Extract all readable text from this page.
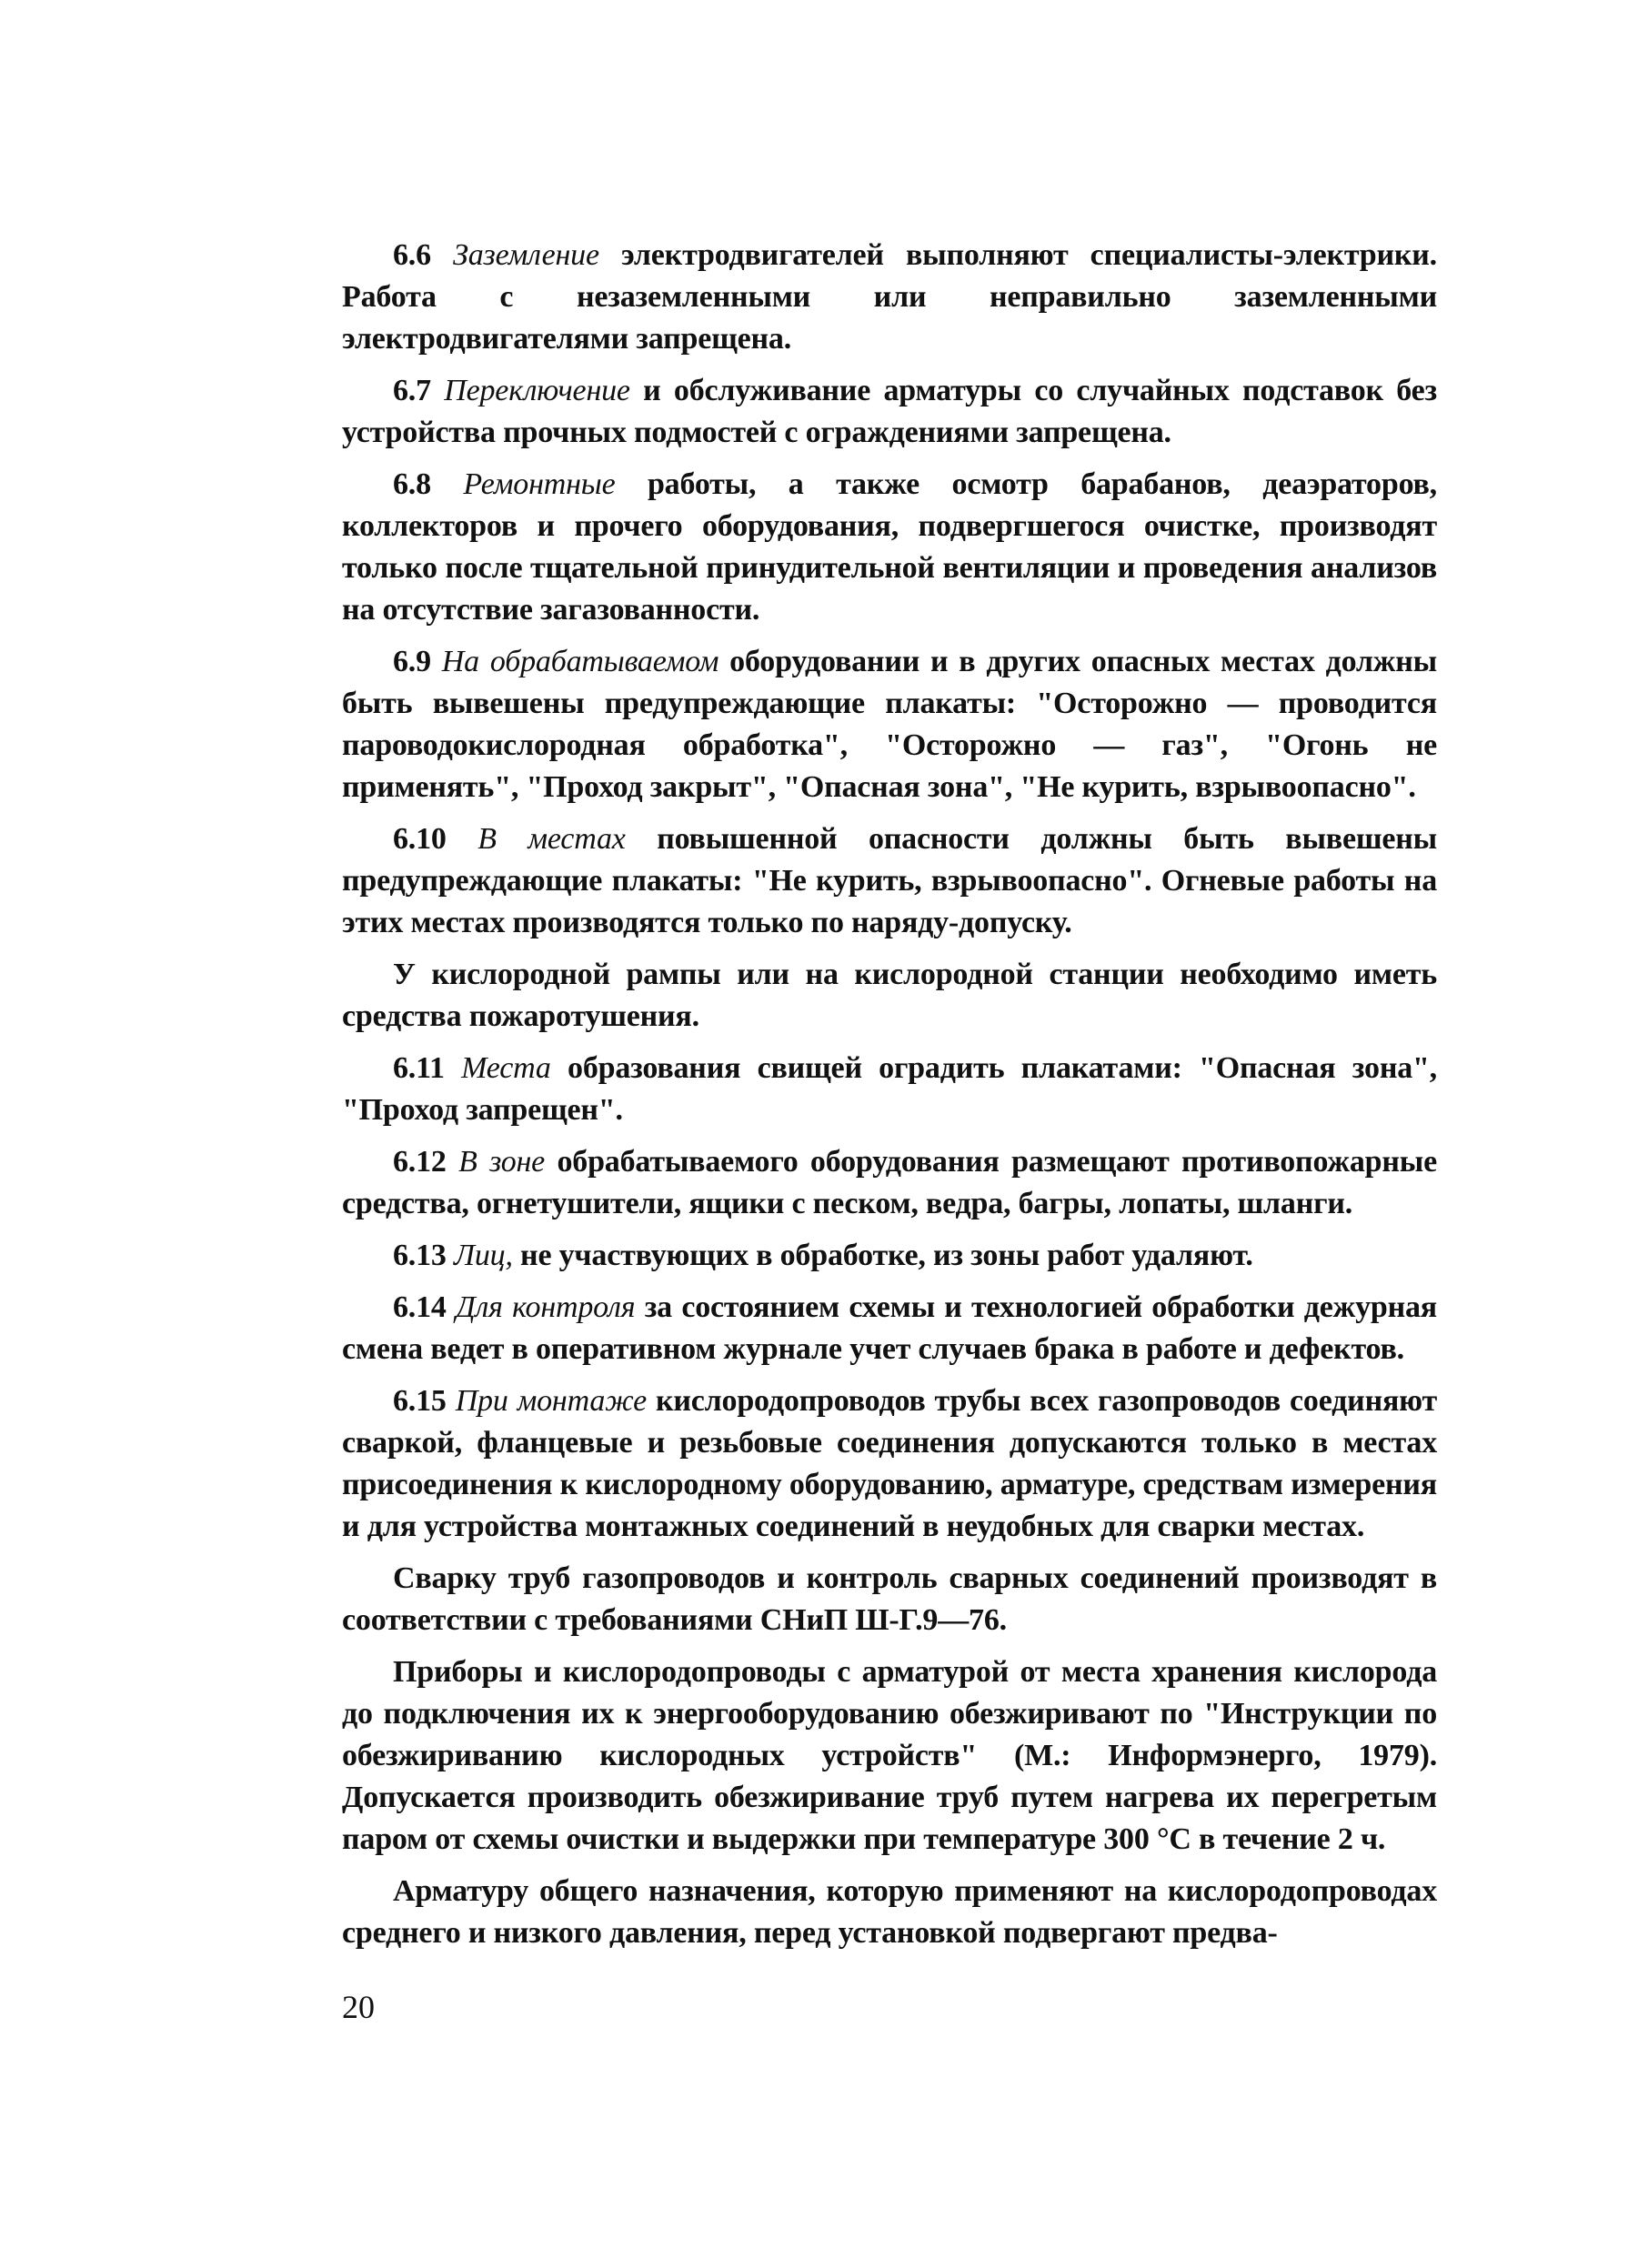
6.6 Заземление электродвигателей выполняют специалисты-электрики. Работа с незаземленными или неправильно заземленными электродвигателями запрещена.

6.7 Переключение и обслуживание арматуры со случайных подставок без устройства прочных подмостей с ограждениями запрещена.

6.8 Ремонтные работы, а также осмотр барабанов, деаэраторов, коллекторов и прочего оборудования, подвергшегося очистке, производят только после тщательной принудительной вентиляции и проведения анализов на отсутствие загазованности.

6.9 На обрабатываемом оборудовании и в других опасных местах должны быть вывешены предупреждающие плакаты: "Осторожно — проводится пароводокислородная обработка", "Осторожно — газ", "Огонь не применять", "Проход закрыт", "Опасная зона", "Не курить, взрывоопасно".

6.10 В местах повышенной опасности должны быть вывешены предупреждающие плакаты: "Не курить, взрывоопасно". Огневые работы на этих местах производятся только по наряду-допуску.

У кислородной рампы или на кислородной станции необходимо иметь средства пожаротушения.

6.11 Места образования свищей оградить плакатами: "Опасная зона", "Проход запрещен".

6.12 В зоне обрабатываемого оборудования размещают противопожарные средства, огнетушители, ящики с песком, ведра, багры, лопаты, шланги.

6.13 Лиц, не участвующих в обработке, из зоны работ удаляют.

6.14 Для контроля за состоянием схемы и технологией обработки дежурная смена ведет в оперативном журнале учет случаев брака в работе и дефектов.

6.15 При монтаже кислородопроводов трубы всех газопроводов соединяют сваркой, фланцевые и резьбовые соединения допускаются только в местах присоединения к кислородному оборудованию, арматуре, средствам измерения и для устройства монтажных соединений в неудобных для сварки местах.

Сварку труб газопроводов и контроль сварных соединений производят в соответствии с требованиями СНиП Ш-Г.9—76.

Приборы и кислородопроводы с арматурой от места хранения кислорода до подключения их к энергооборудованию обезжиривают по "Инструкции по обезжириванию кислородных устройств" (М.: Информэнерго, 1979). Допускается производить обезжиривание труб путем нагрева их перегретым паром от схемы очистки и выдержки при температуре 300 °С в течение 2 ч.

Арматуру общего назначения, которую применяют на кислородопроводах среднего и низкого давления, перед установкой подвергают предва-

20
